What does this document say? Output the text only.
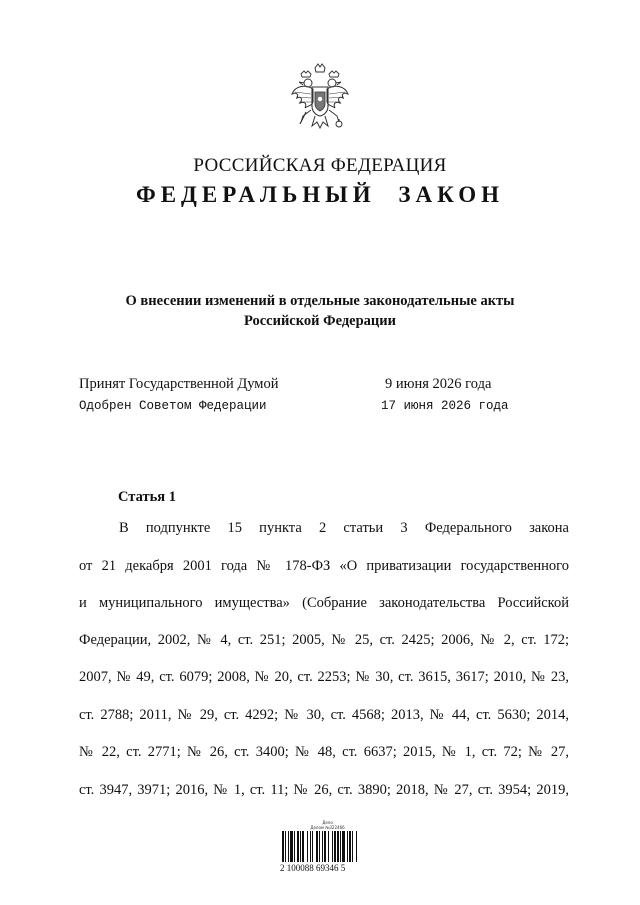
РОССИЙСКАЯ ФЕДЕРАЦИЯ
ФЕДЕРАЛЬНЫЙ ЗАКОН
О внесении изменений в отдельные законодательные акты
Российской Федерации
Принят Государственной Думой	9 июня 2026 года
Одобрен Советом Федерации	17 июня 2026 года
Статья 1
В подпункте 15 пункта 2 статьи 3 Федерального закона
от 21 декабря 2001 года № 178-ФЗ «О приватизации государственного
и муниципального имущества» (Собрание законодательства Российской
Федерации, 2002, № 4, ст. 251; 2005, № 25, ст. 2425; 2006, № 2, ст. 172;
2007, № 49, ст. 6079; 2008, № 20, ст. 2253; № 30, ст. 3615, 3617; 2010, № 23,
ст. 2788; 2011, № 29, ст. 4292; № 30, ст. 4568; 2013, № 44, ст. 5630; 2014,
№ 22, ст. 2771; № 26, ст. 3400; № 48, ст. 6637; 2015, № 1, ст. 72; № 27,
ст. 3947, 3971; 2016, № 1, ст. 11; № 26, ст. 3890; 2018, № 27, ст. 3954; 2019,
Дело
Делом №322466
2 100088 69346 5
